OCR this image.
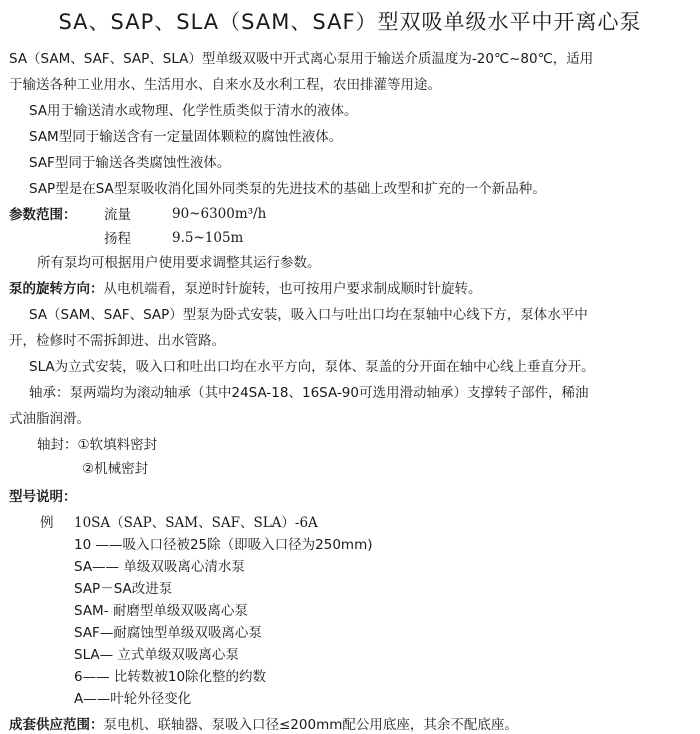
SA、SAP、SLA（SAM、SAF）型双吸单级水平中开离心泵
SA（SAM、SAF、SAP、SLA）型单级双吸中开式离心泵用于输送介质温度为-20℃~80℃，适用
于输送各种工业用水、生活用水、自来水及水利工程，农田排灌等用途。
SA用于输送清水或物理、化学性质类似于清水的液体。
SAM型同于输送含有一定量固体颗粒的腐蚀性液体。
SAF型同于输送各类腐蚀性液体。
SAP型是在SA型泵吸收消化国外同类泵的先进技术的基础上改型和扩充的一个新品种。
参数范围： 流量	90~6300m³/h
扬程	9.5~105m
所有泵均可根据用户使用要求调整其运行参数。
泵的旋转方向：从电机端看，泵逆时针旋转，也可按用户要求制成顺时针旋转。
SA（SAM、SAF、SAP）型泵为卧式安装，吸入口与吐出口均在泵轴中心线下方，泵体水平中
开，检修时不需拆卸进、出水管路。
SLA为立式安装，吸入口和吐出口均在水平方向，泵体、泵盖的分开面在轴中心线上垂直分开。
轴承：泵两端均为滚动轴承（其中24SA-18、16SA-90可选用滑动轴承）支撑转子部件，稀油
式油脂润滑。
轴封：①软填料密封
②机械密封
型号说明：
例 10SA（SAP、SAM、SAF、SLA）-6A
10 ——吸入口径被25除（即吸入口径为250mm)
SA—— 单级双吸离心清水泵
SAP－SA改进泵
SAM- 耐磨型单级双吸离心泵
SAF—耐腐蚀型单级双吸离心泵
SLA— 立式单级双吸离心泵
6—— 比转数被10除化整的约数
A——叶轮外径变化
成套供应范围：泵电机、联轴器、泵吸入口径≤200mm配公用底座，其余不配底座。
